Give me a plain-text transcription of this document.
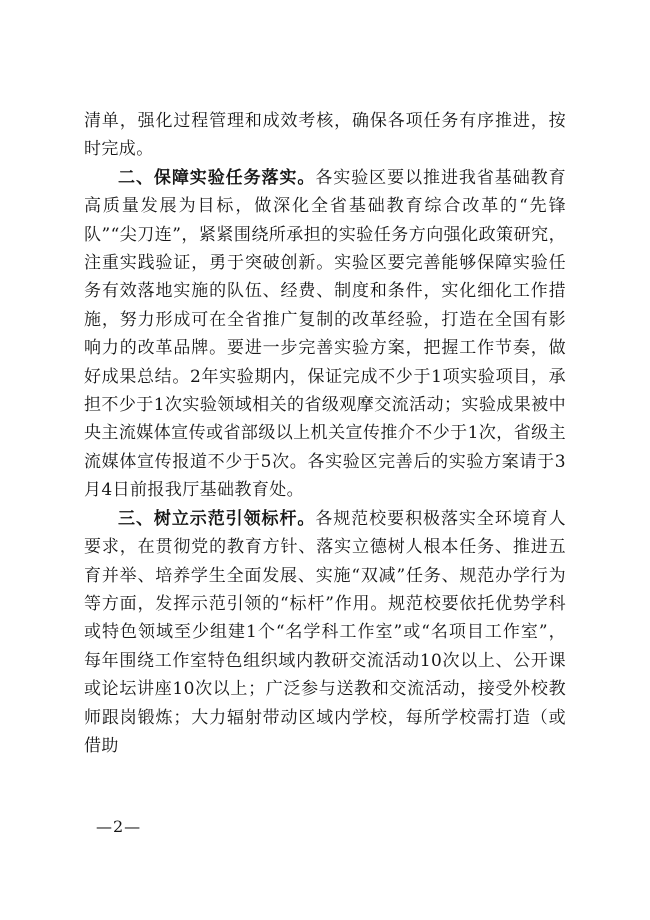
清单，强化过程管理和成效考核，确保各项任务有序推进，按时完成。

二、保障实验任务落实。各实验区要以推进我省基础教育高质量发展为目标，做深化全省基础教育综合改革的“先锋队”“尖刀连”，紧紧围绕所承担的实验任务方向强化政策研究，注重实践验证，勇于突破创新。实验区要完善能够保障实验任务有效落地实施的队伍、经费、制度和条件，实化细化工作措施，努力形成可在全省推广复制的改革经验，打造在全国有影响力的改革品牌。要进一步完善实验方案，把握工作节奏，做好成果总结。2年实验期内，保证完成不少于1项实验项目，承担不少于1次实验领域相关的省级观摩交流活动；实验成果被中央主流媒体宣传或省部级以上机关宣传推介不少于1次，省级主流媒体宣传报道不少于5次。各实验区完善后的实验方案请于3月4日前报我厅基础教育处。

三、树立示范引领标杆。各规范校要积极落实全环境育人要求，在贯彻党的教育方针、落实立德树人根本任务、推进五育并举、培养学生全面发展、实施“双减”任务、规范办学行为等方面，发挥示范引领的“标杆”作用。规范校要依托优势学科或特色领域至少组建1个“名学科工作室”或“名项目工作室”，每年围绕工作室特色组织域内教研交流活动10次以上、公开课或论坛讲座10次以上；广泛参与送教和交流活动，接受外校教师跟岗锻炼；大力辐射带动区域内学校，每所学校需打造（或借助

—2—
